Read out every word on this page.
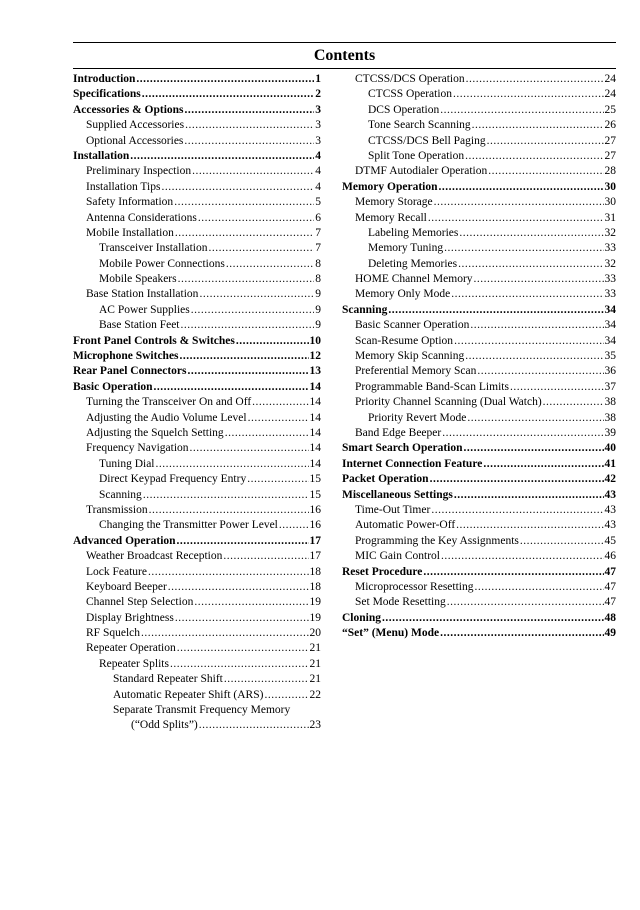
Contents
Introduction .....	1
Specifications .....	2
Accessories & Options .....	3
Supplied Accessories .....	3
Optional Accessories .....	3
Installation .....	4
Preliminary Inspection .....	4
Installation Tips .....	4
Safety Information .....	5
Antenna Considerations .....	6
Mobile Installation .....	7
Transceiver Installation .....	7
Mobile Power Connections .....	8
Mobile Speakers .....	8
Base Station Installation .....	9
AC Power Supplies .....	9
Base Station Feet .....	9
Front Panel Controls & Switches .....	10
Microphone Switches .....	12
Rear Panel Connectors .....	13
Basic Operation .....	14
Turning the Transceiver On and Off .....	14
Adjusting the Audio Volume Level .....	14
Adjusting the Squelch Setting .....	14
Frequency Navigation .....	14
Tuning Dial .....	14
Direct Keypad Frequency Entry .....	15
Scanning .....	15
Transmission .....	16
Changing the Transmitter Power Level .....	16
Advanced Operation .....	17
Weather Broadcast Reception .....	17
Lock Feature .....	18
Keyboard Beeper .....	18
Channel Step Selection .....	19
Display Brightness .....	19
RF Squelch .....	20
Repeater Operation .....	21
Repeater Splits .....	21
Standard Repeater Shift .....	21
Automatic Repeater Shift (ARS) .....	22
Separate Transmit Frequency Memory
(“Odd Splits”) .....	23
CTCSS/DCS Operation .....	24
CTCSS Operation .....	24
DCS Operation .....	25
Tone Search Scanning .....	26
CTCSS/DCS Bell Paging .....	27
Split Tone Operation .....	27
DTMF Autodialer Operation .....	28
Memory Operation .....	30
Memory Storage .....	30
Memory Recall .....	31
Labeling Memories .....	32
Memory Tuning .....	33
Deleting Memories .....	32
HOME Channel Memory .....	33
Memory Only Mode .....	33
Scanning .....	34
Basic Scanner Operation .....	34
Scan-Resume Option .....	34
Memory Skip Scanning .....	35
Preferential Memory Scan .....	36
Programmable Band-Scan Limits .....	37
Priority Channel Scanning (Dual Watch) .....	38
Priority Revert Mode .....	38
Band Edge Beeper .....	39
Smart Search Operation .....	40
Internet Connection Feature .....	41
Packet Operation .....	42
Miscellaneous Settings .....	43
Time-Out Timer .....	43
Automatic Power-Off .....	43
Programming the Key Assignments .....	45
MIC Gain Control .....	46
Reset Procedure .....	47
Microprocessor Resetting .....	47
Set Mode Resetting .....	47
Cloning .....	48
“Set” (Menu) Mode .....	49
